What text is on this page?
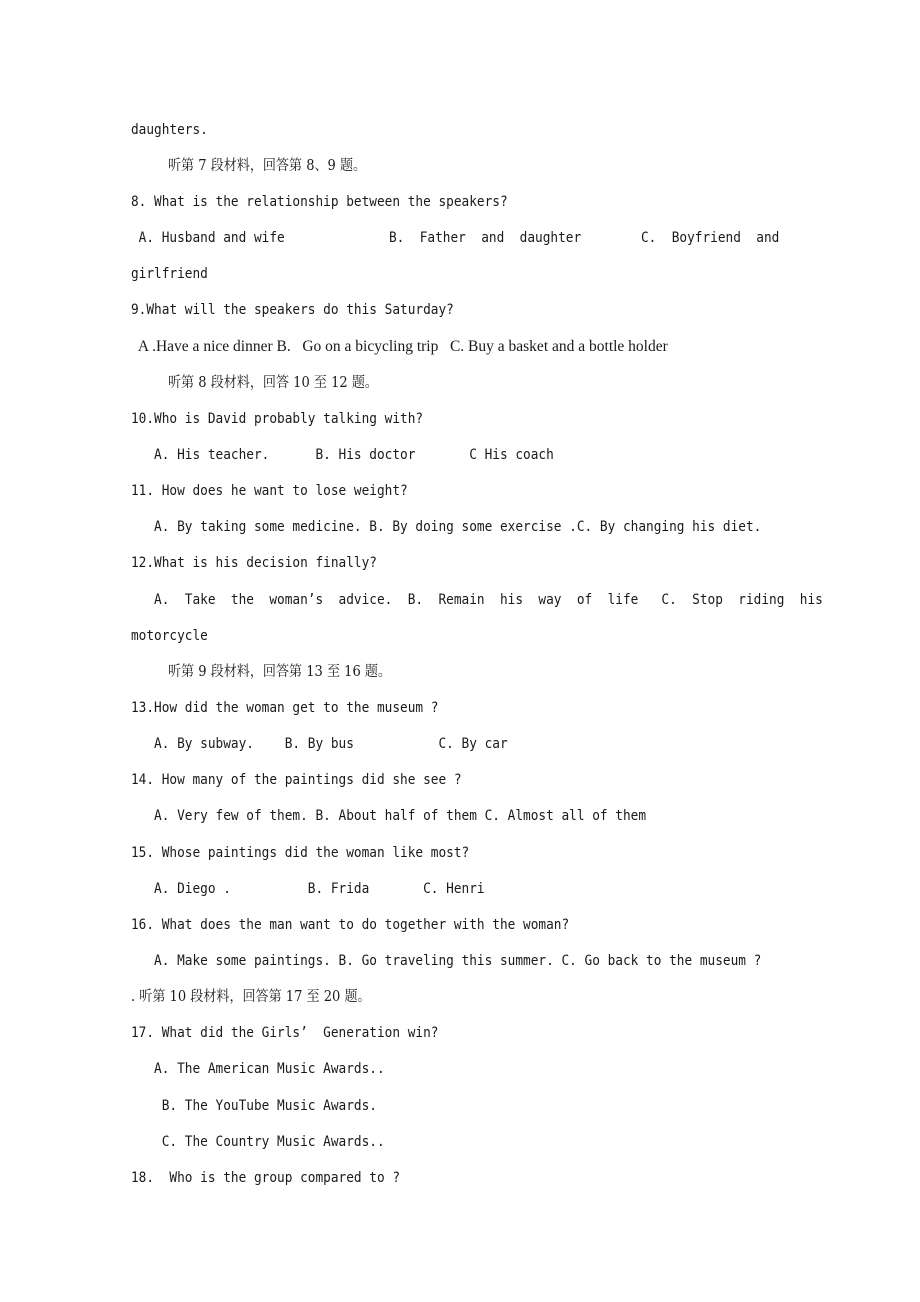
daughters.
听第 7 段材料，回答第 8、9 题。
8. What is the relationship between the speakers?
A. Husband and wife	B.  Father  and  daughter	C.  Boyfriend  and
girlfriend
9.What will the speakers do this Saturday?
A .Have a nice dinner B.   Go on a bicycling trip   C. Buy a basket and a bottle holder
听第 8 段材料，回答 10 至 12 题。
10.Who is David probably talking with?
A. His teacher.      B. His doctor       C His coach
11. How does he want to lose weight?
A. By taking some medicine. B. By doing some exercise .C. By changing his diet.
12.What is his decision finally?
A.  Take  the  woman’s  advice.  B.  Remain  his  way  of  life   C.  Stop  riding  his
motorcycle
听第 9 段材料，回答第 13 至 16 题。
13.How did the woman get to the museum ?
A. By subway.    B. By bus           C. By car
14. How many of the paintings did she see ?
A. Very few of them. B. About half of them C. Almost all of them
15. Whose paintings did the woman like most?
A. Diego .          B. Frida       C. Henri
16. What does the man want to do together with the woman?
A. Make some paintings. B. Go traveling this summer. C. Go back to the museum ?
. 听第 10 段材料，回答第 17 至 20 题。
17. What did the Girls’  Generation win?
A. The American Music Awards..
B. The YouTube Music Awards.
C. The Country Music Awards..
18.  Who is the group compared to ?
